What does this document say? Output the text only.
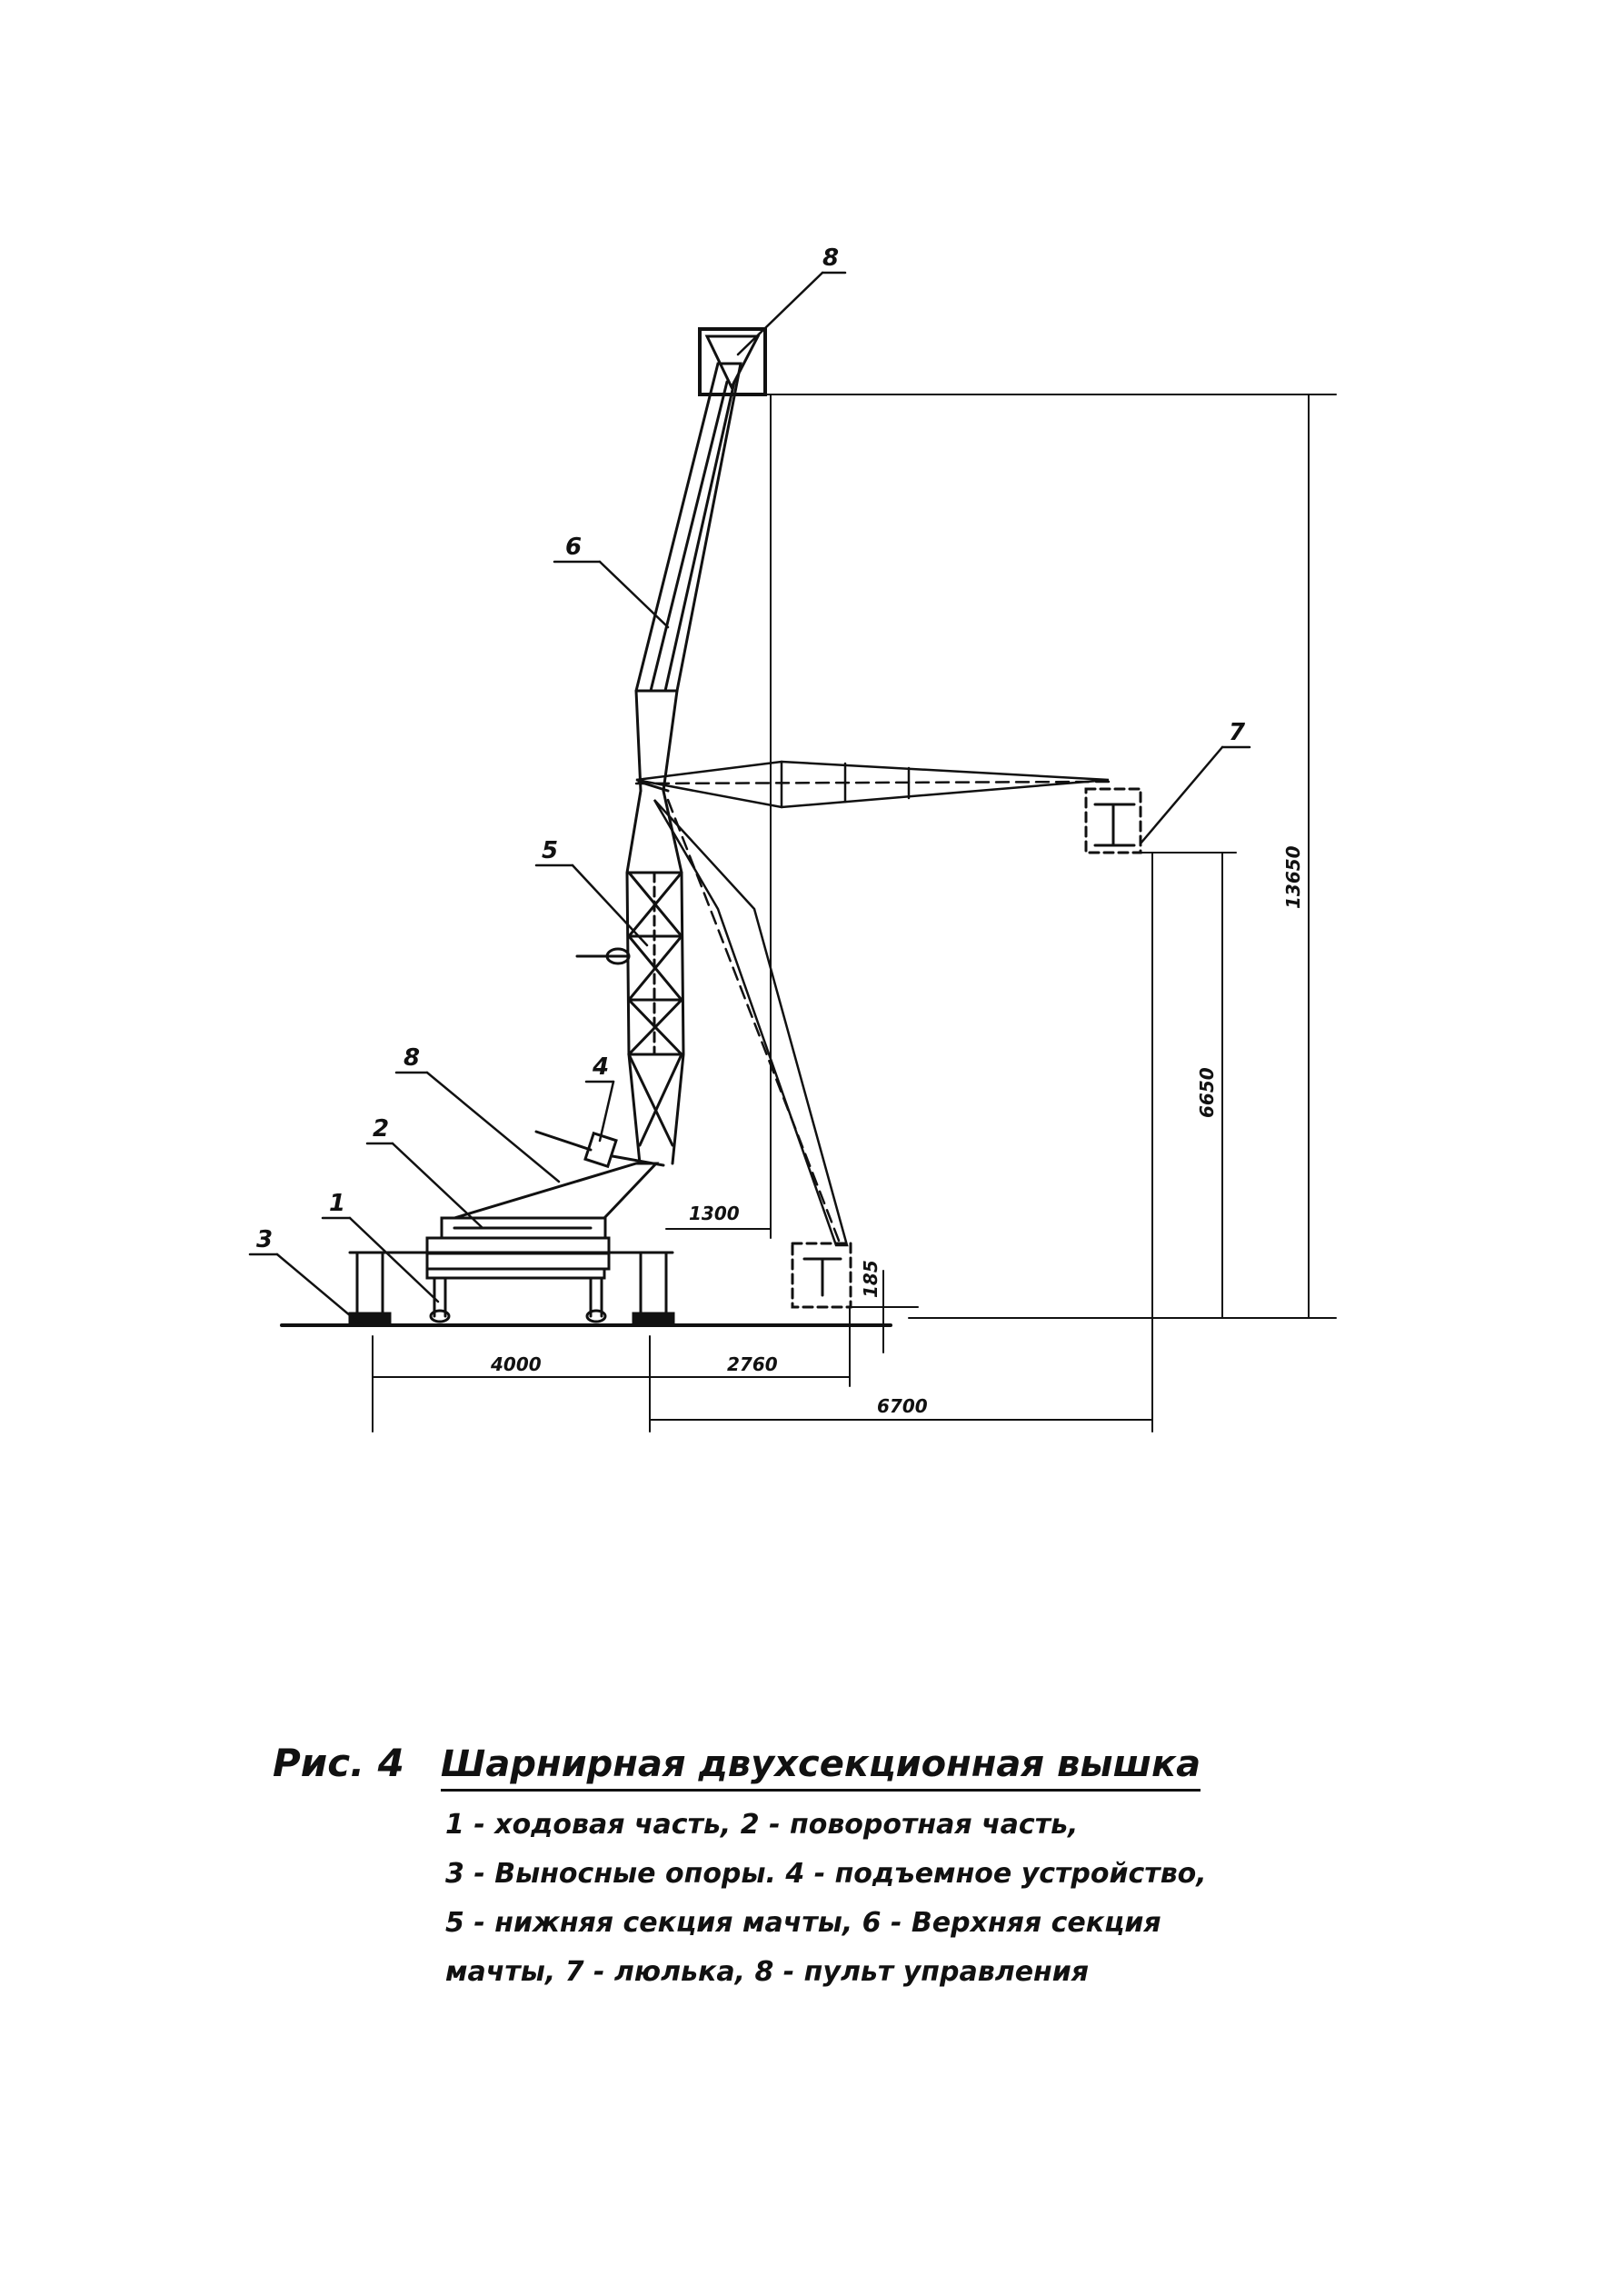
8
6
7
5
4
8
2
1
3
4000	2760
6700
1300
6650
13650
185
Рис. 4 Шарнирная двухсекционная вышка
1 - ходовая часть, 2 - поворотная часть,
3 - Выносные опоры. 4 - подъемное устройство,
5 - нижняя секция мачты, 6 - Верхняя секция
мачты, 7 - люлька, 8 - пульт управления
